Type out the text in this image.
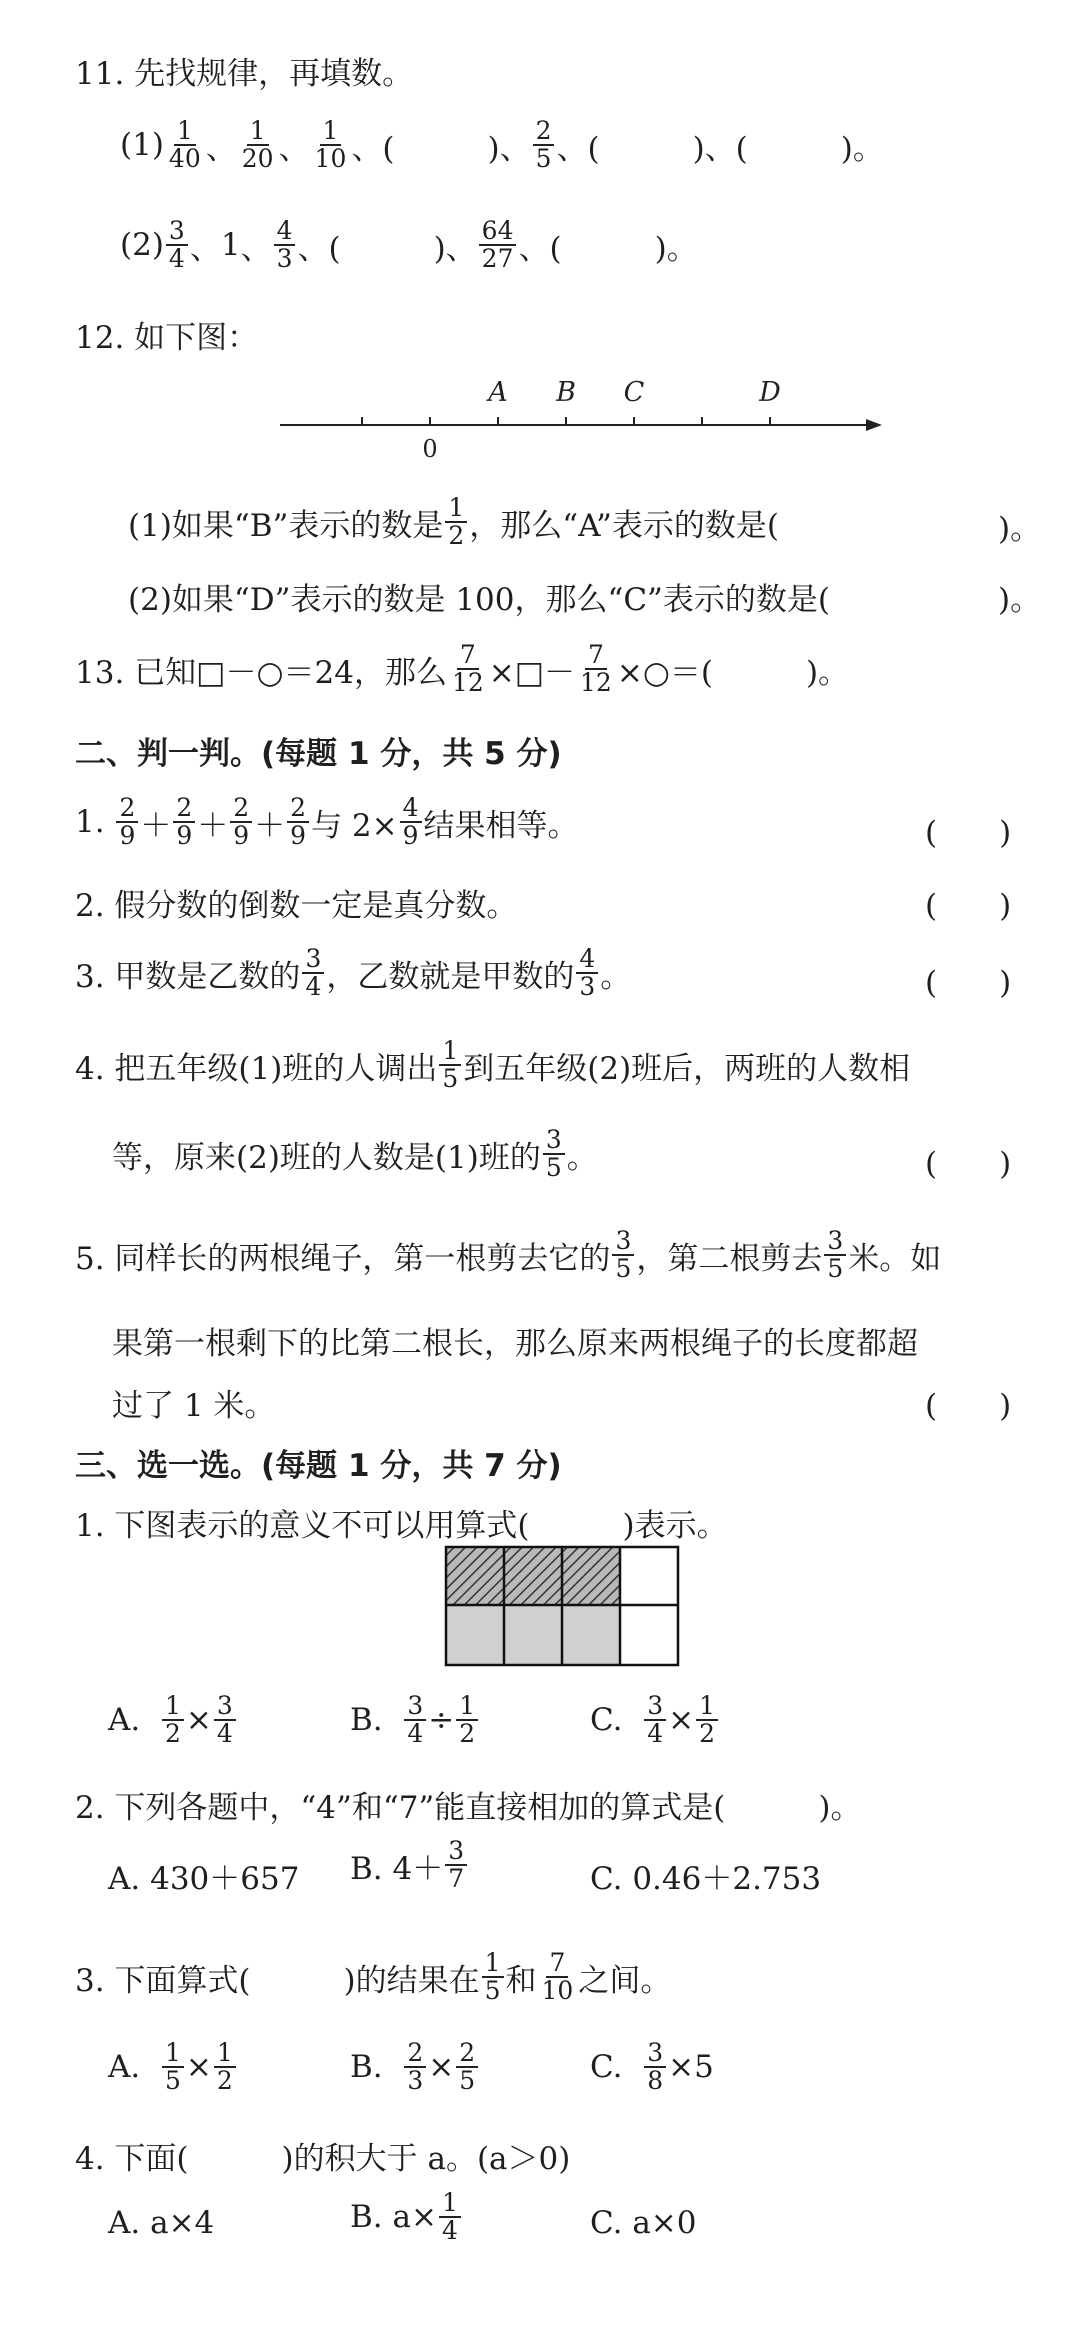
11. 先找规律，再填数。
$(1) \frac{1}{40}$ 、 $\frac{1}{20}$ 、 $\frac{1}{10}$ 、 (　　　) 、 $\frac{2}{5}$ 、 (　　　) 、 (　　　) 。
$(2) \frac{3}{4}$ 、 1 、 $\frac{4}{3}$ 、 (　　　) 、 $\frac{64}{27}$ 、 (　　　) 。
12. 如下图：
A B C	D
0
(1)如果“B”表示的数是 $\frac{1}{2}$ ，那么“A”表示的数是(	)。
(2)如果“D”表示的数是 100，那么“C”表示的数是(	)。
13. 已知□－○＝24，那么 $\frac{7}{12}$ ×□－ $\frac{7}{12}$ ×○＝(　　　)。
二、判一判。(每题 1 分，共 5 分)
1.
$\frac{2}{9} + \frac{2}{9} + \frac{2}{9} + \frac{2}{9}$ 与 $2\times \frac{4}{9}$ 结果相等。	(　　)
2. 假分数的倒数一定是真分数。	(　　)
3. 甲数是乙数的 $\frac{3}{4}$ ，乙数就是甲数的 $\frac{4}{3}$ 。	(　　)
4. 把五年级(1)班的人调出 $\frac{1}{5}$ 到五年级(2)班后，两班的人数相
等，原来(2)班的人数是(1)班的 $\frac{3}{5}$ 。	(　　)
5. 同样长的两根绳子，第一根剪去它的 $\frac{3}{5}$ ，第二根剪去 $\frac{3}{5}$ 米。如
果第一根剩下的比第二根长，那么原来两根绳子的长度都超
过了 1 米。	(　　)
三、选一选。(每题 1 分，共 7 分)
1. 下图表示的意义不可以用算式(　　　)表示。
A.
$\frac{1}{2} \times \frac{3}{4}$	B.
$\frac{3}{4} \div \frac{1}{2}$	C.
$\frac{3}{4} \times \frac{1}{2}$
2. 下列各题中，“4”和“7”能直接相加的算式是(　　　)。
A. 430＋657 B. $4+ \frac{3}{7}$	C. 0.46＋2.753
3. 下面算式(　　　)的结果在 $\frac{1}{5}$ 和 $\frac{7}{10}$ 之间。
A.
$\frac{1}{5} \times \frac{1}{2}$	B.
$\frac{2}{3} \times \frac{2}{5}$	C.
$\frac{3}{8} \times 5$
4. 下面(　　　)的积大于 a。(a＞0)
A. a×4	B. $a\times \frac{1}{4}$	C. a×0
